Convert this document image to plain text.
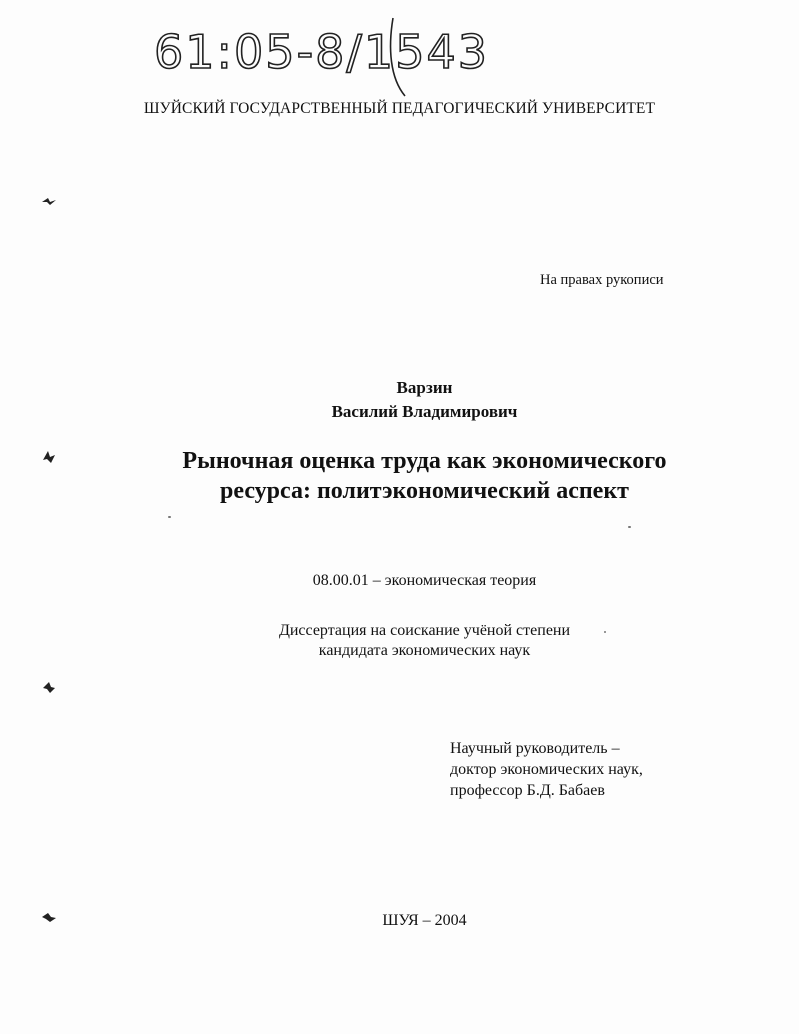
61:05-8/1543
ШУЙСКИЙ ГОСУДАРСТВЕННЫЙ ПЕДАГОГИЧЕСКИЙ УНИВЕРСИТЕТ
На правах рукописи
Варзин
Василий Владимирович
Рыночная оценка труда как экономического
ресурса: политэкономический аспект
08.00.01 – экономическая теория
Диссертация на соискание учёной степени
кандидата экономических наук
Научный руководитель –
доктор экономических наук,
профессор Б.Д. Бабаев
ШУЯ – 2004
